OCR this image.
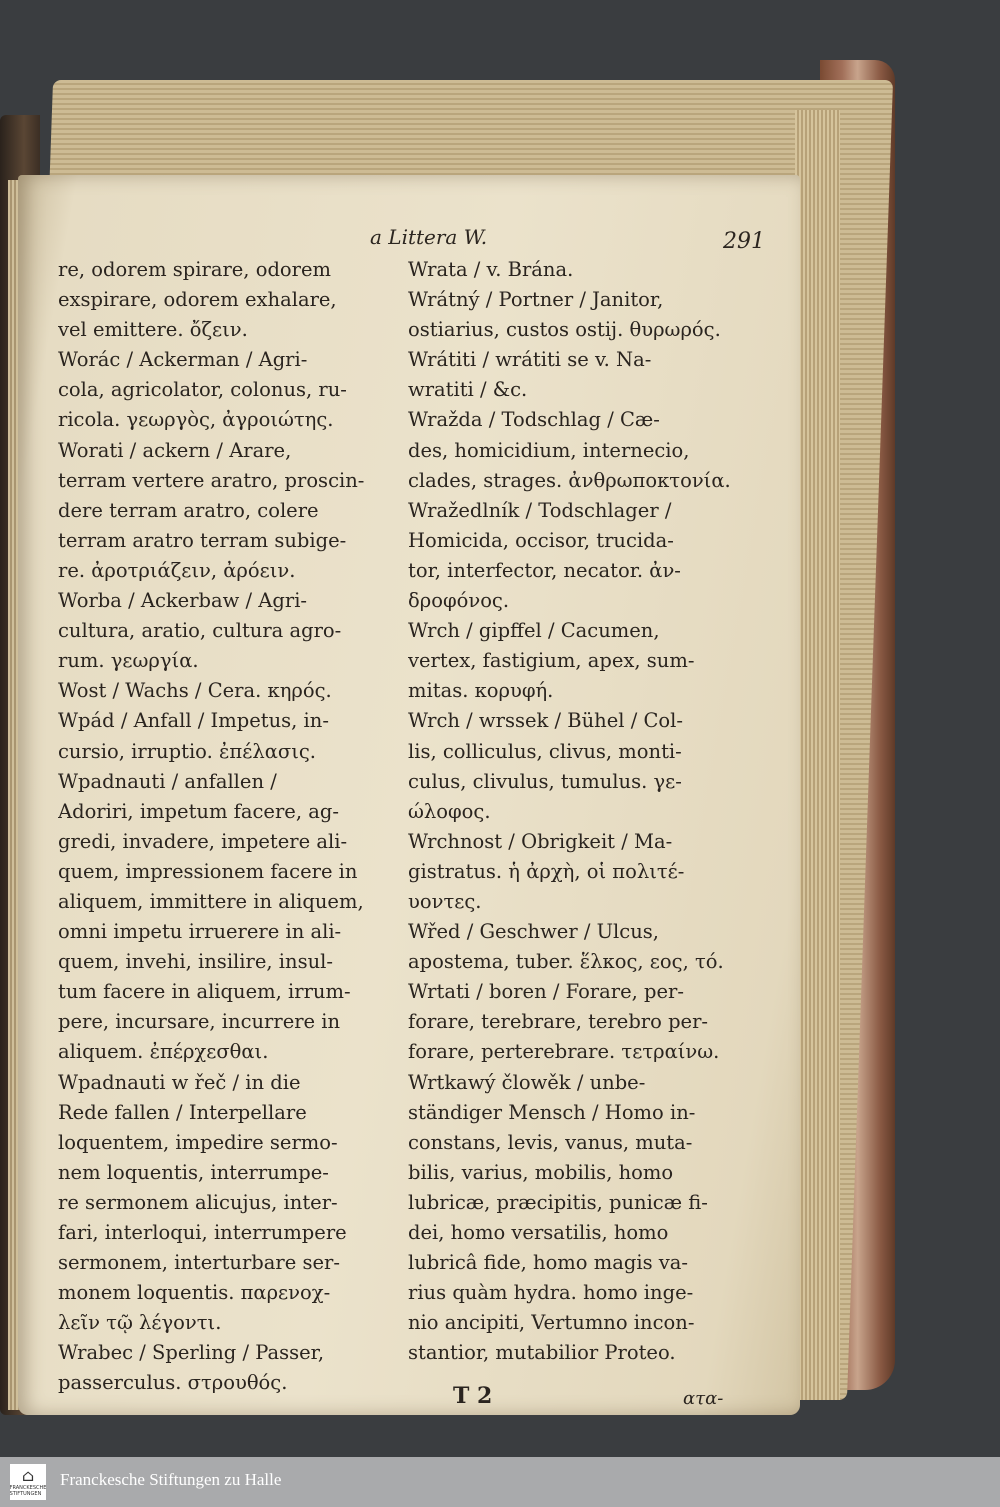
a Littera W.	291
re, odorem spirare, odorem
exspirare, odorem exhalare,
vel emittere. ὄζειν.
Worác / Ackerman / Agri-
cola, agricolator, colonus, ru-
ricola. γεωργὸς, ἀγροιώτης.
Worati / ackern / Arare,
terram vertere aratro, proscin-
dere terram aratro, colere
terram aratro terram subige-
re. ἀροτριάζειν, ἀρόειν.
Worba / Ackerbaw / Agri-
cultura, aratio, cultura agro-
rum. γεωργία.
Wost / Wachs / Cera. κηρός.
Wpád / Anfall / Impetus, in-
cursio, irruptio. ἐπέλασις.
Wpadnauti / anfallen /
Adoriri, impetum facere, ag-
gredi, invadere, impetere ali-
quem, impressionem facere in
aliquem, immittere in aliquem,
omni impetu irruerere in ali-
quem, invehi, insilire, insul-
tum facere in aliquem, irrum-
pere, incursare, incurrere in
aliquem. ἐπέρχεσθαι.
Wpadnauti w řeč / in die
Rede fallen / Interpellare
loquentem, impedire sermo-
nem loquentis, interrumpe-
re sermonem alicujus, inter-
fari, interloqui, interrumpere
sermonem, interturbare ser-
monem loquentis. παρενοχ-
λεῖν τῷ λέγοντι.
Wrabec / Sperling / Passer,
passerculus. στρουθός.
Wrata / v. Brána.
Wrátný / Portner / Janitor,
ostiarius, custos ostij. θυρωρός.
Wrátiti / wrátiti se v. Na-
wratiti / &c.
Wražda / Todschlag / Cæ-
des, homicidium, internecio,
clades, strages. ἀνθρωποκτονία.
Wražedlník / Todschlager /
Homicida, occisor, trucida-
tor, interfector, necator. ἀν-
δροφόνος.
Wrch / gipffel / Cacumen,
vertex, fastigium, apex, sum-
mitas. κορυφή.
Wrch / wrssek / Bühel / Col-
lis, colliculus, clivus, monti-
culus, clivulus, tumulus. γε-
ώλοφος.
Wrchnost / Obrigkeit / Ma-
gistratus. ἡ ἀρχὴ, οἱ πολιτέ-
υοντες.
Wřed / Geschwer / Ulcus,
apostema, tuber. ἕλκος, εος, τό.
Wrtati / boren / Forare, per-
forare, terebrare, terebro per-
forare, perterebrare. τετραίνω.
Wrtkawý člowěk / unbe-
ständiger Mensch / Homo in-
constans, levis, vanus, muta-
bilis, varius, mobilis, homo
lubricæ, præcipitis, punicæ fi-
dei, homo versatilis, homo
lubricâ fide, homo magis va-
rius quàm hydra. homo inge-
nio ancipiti, Vertumno incon-
stantior, mutabilior Proteo.
T 2	ατα-
⌂
FRANCKESCHE STIFTUNGEN
Franckesche Stiftungen zu Halle
